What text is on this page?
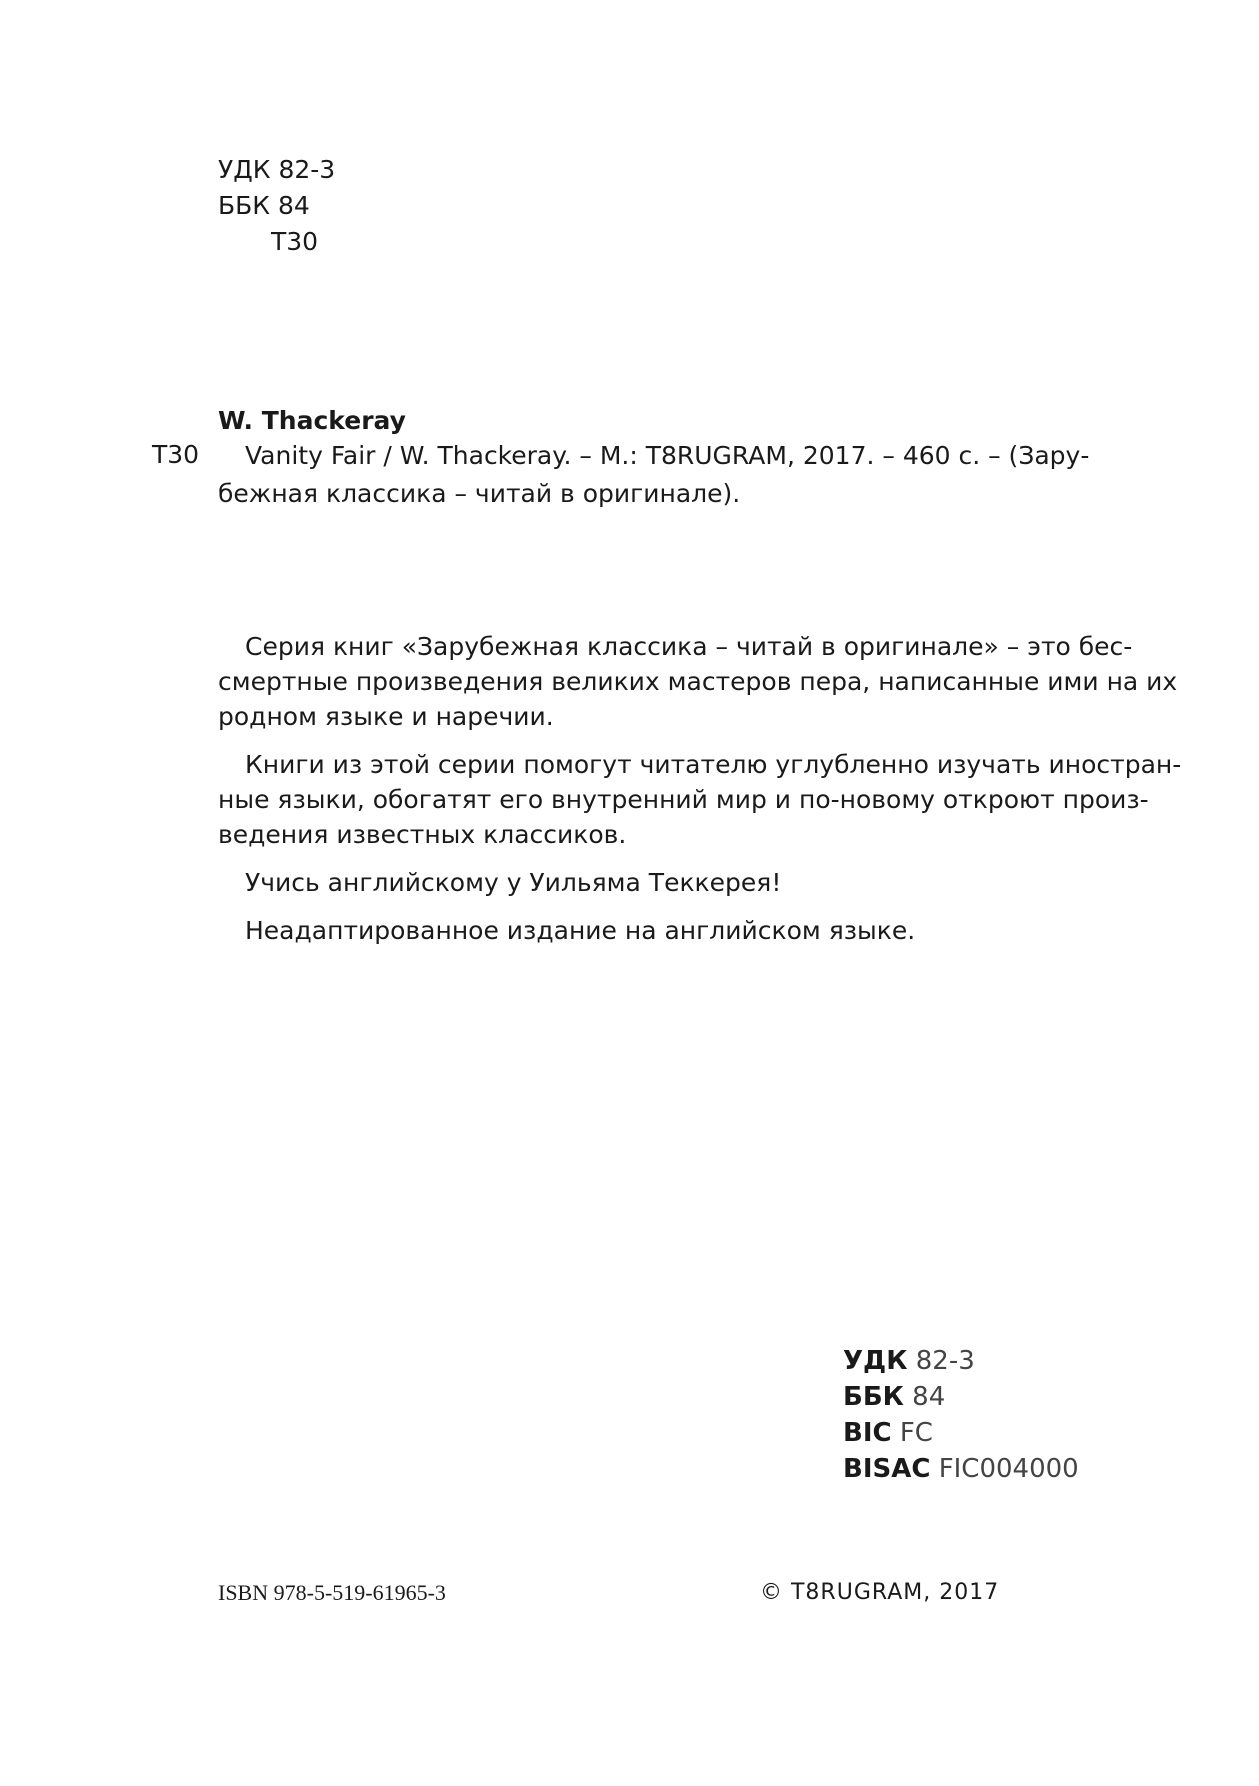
УДК 82-3
ББК 84
Т30
W. Thackeray
Т30 Vanity Fair / W. Thackeray. – М.: T8RUGRAM, 2017. – 460 с. – (Зару-
бежная классика – читай в оригинале).

Серия книг «Зарубежная классика – читай в оригинале» – это бес-

смертные произведения великих мастеров пера, написанные ими на их

родном языке и наречии.

Книги из этой серии помогут читателю углубленно изучать иностран-

ные языки, обогатят его внутренний мир и по-новому откроют произ-

ведения известных классиков.

Учись английскому у Уильяма Теккерея!

Неадаптированное издание на английском языке.

УДК 82-3
ББК 84
BIC FC
BISAC FIC004000
ISBN 978-5-519-61965-3	© T8RUGRAM, 2017
